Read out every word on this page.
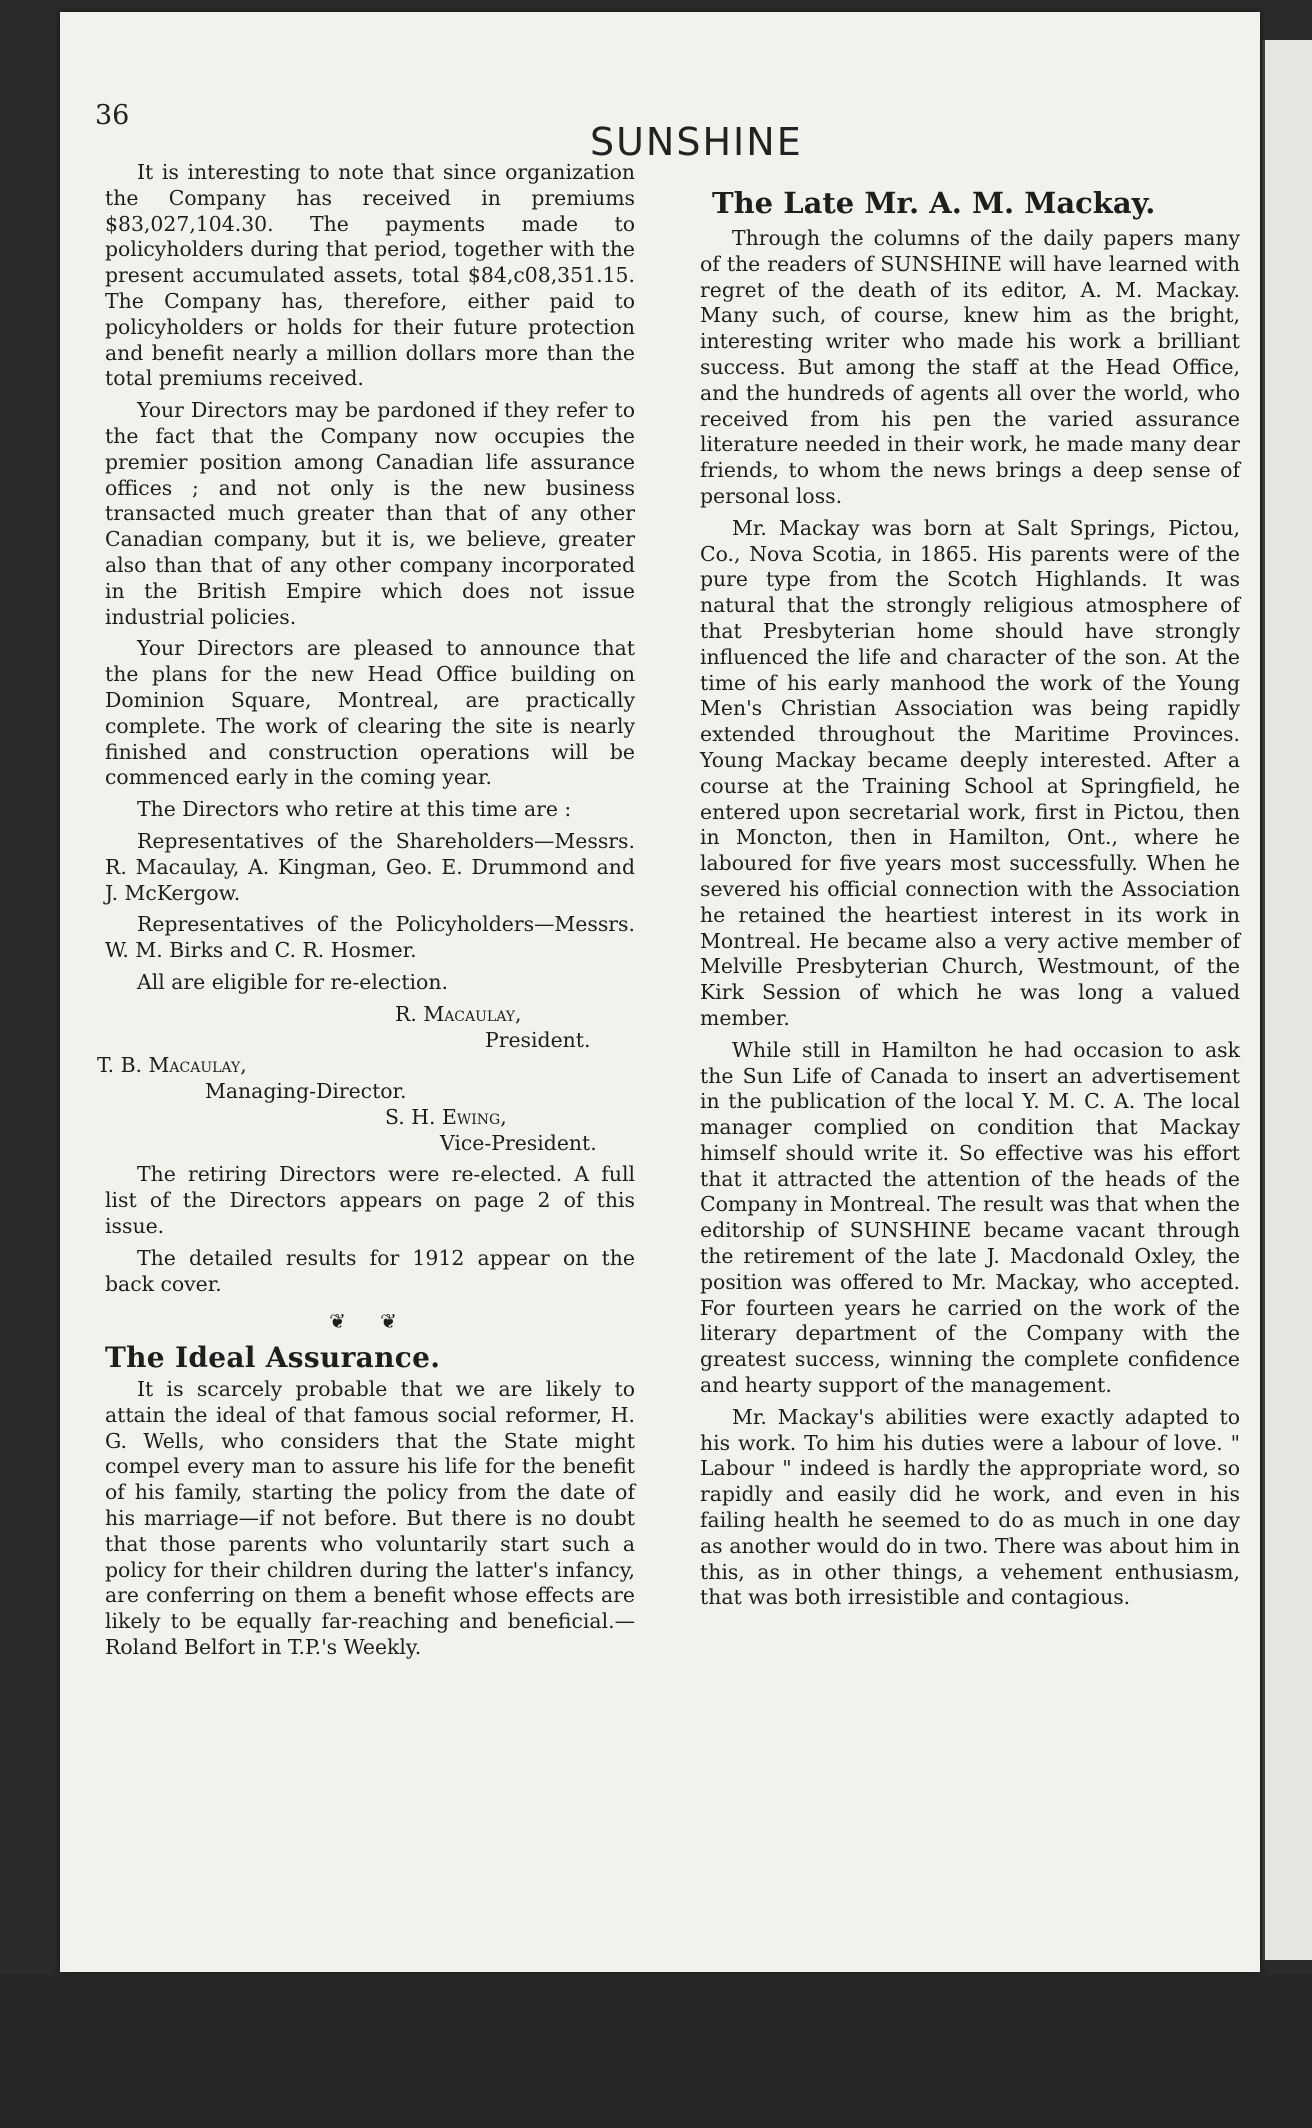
36
SUNSHINE

It is interesting to note that since organization the Company has received in premiums $83,027,104.30. The payments made to policyholders during that period, together with the present accumulated assets, total $84,c08,351.15. The Company has, therefore, either paid to policyholders or holds for their future protection and benefit nearly a million dollars more than the total premiums received.

Your Directors may be pardoned if they refer to the fact that the Company now occupies the premier position among Canadian life assurance offices ; and not only is the new business transacted much greater than that of any other Canadian company, but it is, we believe, greater also than that of any other company incorporated in the British Empire which does not issue industrial policies.

Your Directors are pleased to announce that the plans for the new Head Office building on Dominion Square, Montreal, are practically complete. The work of clearing the site is nearly finished and construction operations will be commenced early in the coming year.

The Directors who retire at this time are :

Representatives of the Shareholders—Messrs. R. Macaulay, A. Kingman, Geo. E. Drummond and J. McKergow.

Representatives of the Policyholders—Messrs. W. M. Birks and C. R. Hosmer.

All are eligible for re-election.

R. Macaulay,

President.

T. B. Macaulay,

Managing-Director.

S. H. Ewing,

Vice-President.

The retiring Directors were re-elected. A full list of the Directors appears on page 2 of this issue.

The detailed results for 1912 appear on the back cover.

❦ ❦
The Ideal Assurance.

It is scarcely probable that we are likely to attain the ideal of that famous social reformer, H. G. Wells, who considers that the State might compel every man to assure his life for the benefit of his family, starting the policy from the date of his marriage—if not before. But there is no doubt that those parents who voluntarily start such a policy for their children during the latter's infancy, are conferring on them a benefit whose effects are likely to be equally far-reaching and beneficial.—Roland Belfort in T.P.'s Weekly.

The Late Mr. A. M. Mackay.

Through the columns of the daily papers many of the readers of SUNSHINE will have learned with regret of the death of its editor, A. M. Mackay. Many such, of course, knew him as the bright, interesting writer who made his work a brilliant success. But among the staff at the Head Office, and the hundreds of agents all over the world, who received from his pen the varied assurance literature needed in their work, he made many dear friends, to whom the news brings a deep sense of personal loss.

Mr. Mackay was born at Salt Springs, Pictou, Co., Nova Scotia, in 1865. His parents were of the pure type from the Scotch Highlands. It was natural that the strongly religious atmosphere of that Presbyterian home should have strongly influenced the life and character of the son. At the time of his early manhood the work of the Young Men's Christian Association was being rapidly extended throughout the Maritime Provinces. Young Mackay became deeply interested. After a course at the Training School at Springfield, he entered upon secretarial work, first in Pictou, then in Moncton, then in Hamilton, Ont., where he laboured for five years most successfully. When he severed his official connection with the Association he retained the heartiest interest in its work in Montreal. He became also a very active member of Melville Presbyterian Church, Westmount, of the Kirk Session of which he was long a valued member.

While still in Hamilton he had occasion to ask the Sun Life of Canada to insert an advertisement in the publication of the local Y. M. C. A. The local manager complied on condition that Mackay himself should write it. So effective was his effort that it attracted the attention of the heads of the Company in Montreal. The result was that when the editorship of SUNSHINE became vacant through the retirement of the late J. Macdonald Oxley, the position was offered to Mr. Mackay, who accepted. For fourteen years he carried on the work of the literary department of the Company with the greatest success, winning the complete confidence and hearty support of the management.

Mr. Mackay's abilities were exactly adapted to his work. To him his duties were a labour of love. " Labour " indeed is hardly the appropriate word, so rapidly and easily did he work, and even in his failing health he seemed to do as much in one day as another would do in two. There was about him in this, as in other things, a vehement enthusiasm, that was both irresistible and contagious.
